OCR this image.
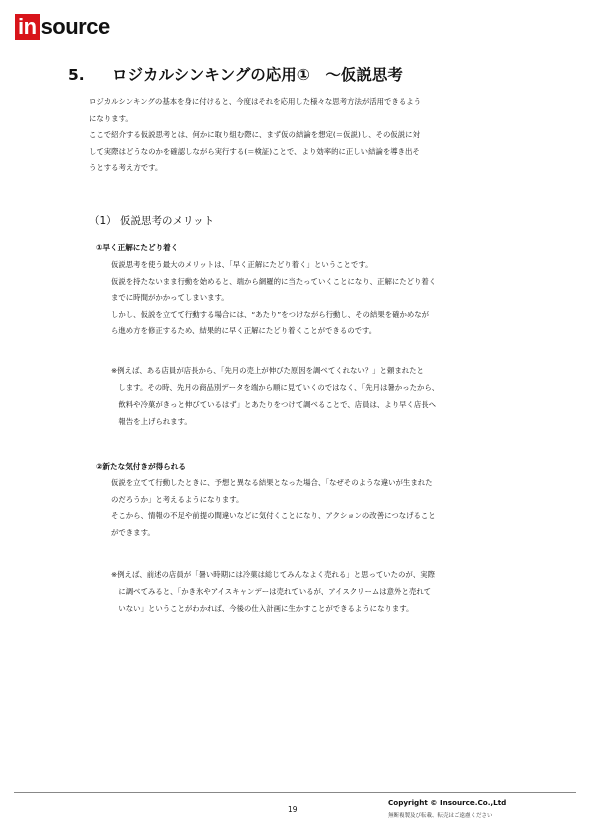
in source
5. ロジカルシンキングの応用①　～仮説思考
ロジカルシンキングの基本を身に付けると、今度はそれを応用した様々な思考方法が活用できるよう
になります。
ここで紹介する仮説思考とは、何かに取り組む際に、まず仮の結論を想定(＝仮説)し、その仮説に対
して実際はどうなのかを確認しながら実行する(＝検証)ことで、より効率的に正しい結論を導き出そ
うとする考え方です。
（1） 仮説思考のメリット
①早く正解にたどり着く
仮説思考を使う最大のメリットは、「早く正解にたどり着く」ということです。
仮説を持たないまま行動を始めると、端から網羅的に当たっていくことになり、正解にたどり着く
までに時間がかかってしまいます。
しかし、仮説を立てて行動する場合には、“あたり”をつけながら行動し、その結果を確かめなが
ら進め方を修正するため、結果的に早く正解にたどり着くことができるのです。
※例えば、ある店員が店長から、「先月の売上が伸びた原因を調べてくれない？」と頼まれたと
　します。その時、先月の商品別データを端から順に見ていくのではなく、「先月は暑かったから、
　飲料や冷菓がきっと伸びているはず」とあたりをつけて調べることで、店員は、より早く店長へ
　報告を上げられます。
②新たな気付きが得られる
仮説を立てて行動したときに、予想と異なる結果となった場合、「なぜそのような違いが生まれた
のだろうか」と考えるようになります。
そこから、情報の不足や前提の間違いなどに気付くことになり、アクションの改善につなげること
ができます。
※例えば、前述の店員が「暑い時期には冷菓は総じてみんなよく売れる」と思っていたのが、実際
　に調べてみると、「かき氷やアイスキャンデーは売れているが、アイスクリームは意外と売れて
　いない」ということがわかれば、今後の仕入計画に生かすことができるようになります。
19
Copyright © Insource.Co.,Ltd
無断複製及び転載、転売はご遠慮ください
